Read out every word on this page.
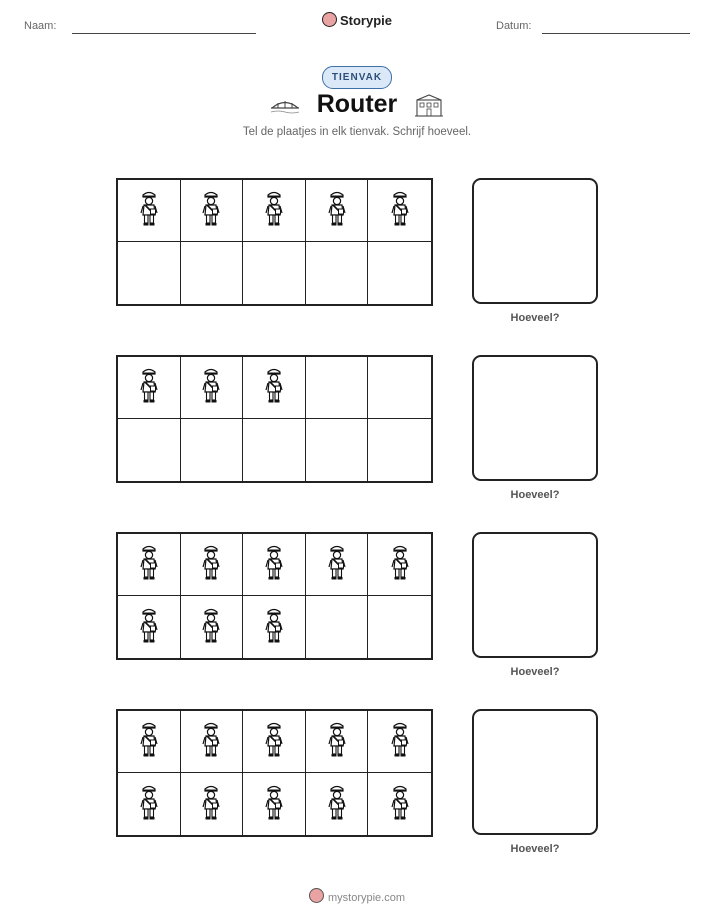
Naam:	Storypie	Datum:
TIENVAK
Router
Tel de plaatjes in elk tienvak. Schrijf hoeveel.
Hoeveel?
Hoeveel?
Hoeveel?
Hoeveel?
mystorypie.com
